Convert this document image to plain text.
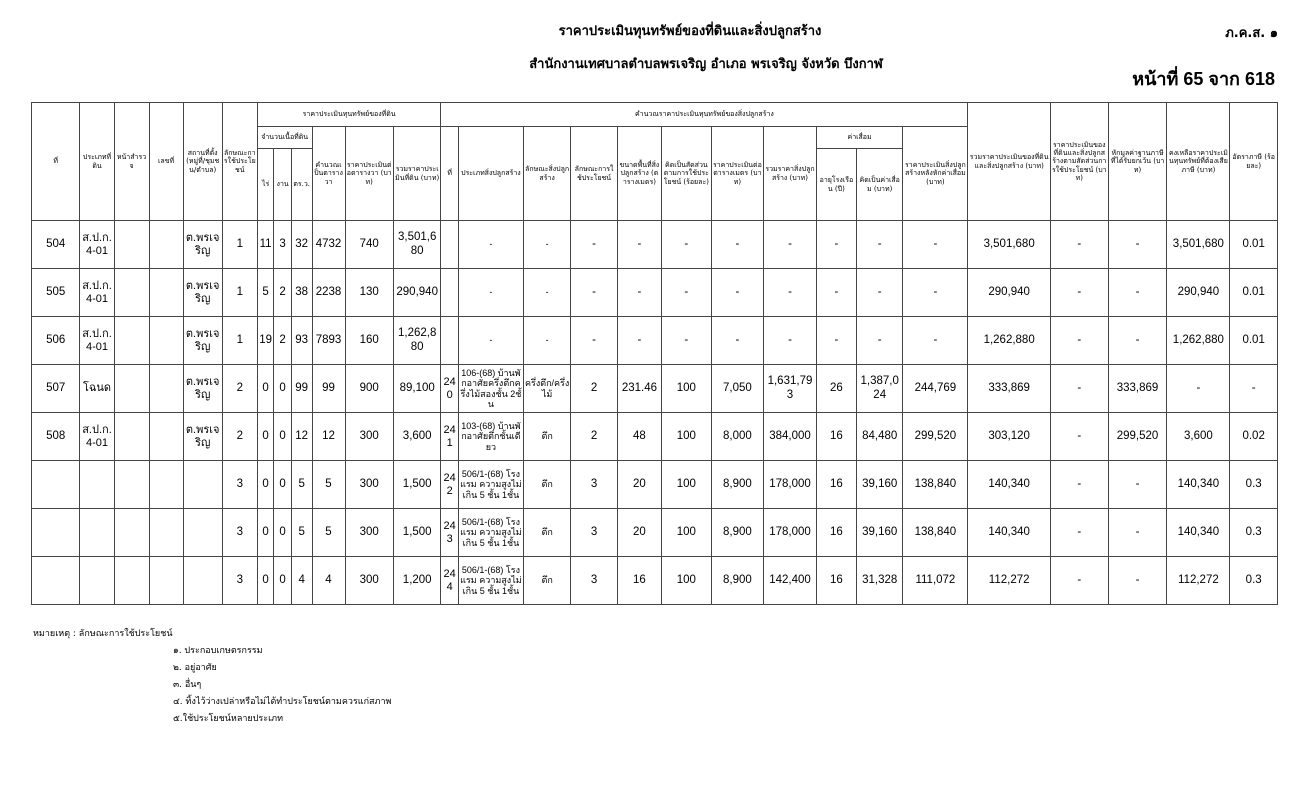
ราคาประเมินทุนทรัพย์ของที่ดินและสิ่งปลูกสร้าง
สำนักงานเทศบาลตำบลพรเจริญ อำเภอ พรเจริญ จังหวัด บึงกาฬ
ภ.ค.ส. ๑
หน้าที่ 65 จาก 618
ที่	ประเภทที่ดิน	หน้าสำรวจ	เลขที่	สถานที่ตั้ง(หมู่ที่/ชุมชน/ตำบล)	ลักษณะการใช้ประโยชน์	ราคาประเมินทุนทรัพย์ของที่ดิน						คำนวณราคาประเมินทุนทรัพย์ของสิ่งปลูกสร้าง											รวมราคาประเมินของที่ดินและสิ่งปลูกสร้าง (บาท)	ราคาประเมินของที่ดินและสิ่งปลูกสร้างตามสัดส่วนการใช้ประโยชน์ (บาท)	หักมูลค่าฐานภาษีที่ได้รับยกเว้น (บาท)	คงเหลือราคาประเมินทุนทรัพย์ที่ต้องเสียภาษี (บาท)	อัตราภาษี (ร้อยละ)
						จำนวนเนื้อที่ดิน			คำนวณเป็นตารางวา	ราคาประเมินต่อตารางวา (บาท)	รวมราคาประเมินที่ดิน (บาท)	ที่	ประเภทสิ่งปลูกสร้าง	ลักษณะสิ่งปลูกสร้าง	ลักษณะการใช้ประโยชน์	ขนาดพื้นที่สิ่งปลูกสร้าง (ตารางเมตร)	คิดเป็นสัดส่วนตามการใช้ประโยชน์ (ร้อยละ)	ราคาประเมินต่อตารางเมตร (บาท)	รวมราคาสิ่งปลูกสร้าง (บาท)	ค่าเสื่อม		ราคาประเมินสิ่งปลูกสร้างหลังหักค่าเสื่อม (บาท)					
						ไร่	งาน	ตร.ว.												อายุโรงเรือน (ปี)	คิดเป็นค่าเสื่อม (บาท)						
504	ส.ป.ก. 4-01			ต.พรเจริญ	1	11	3	32	4732	740	3,501,680		-	-	-	-	-	-	-	-	-	-	3,501,680	-	-	3,501,680	0.01
505	ส.ป.ก. 4-01			ต.พรเจริญ	1	5	2	38	2238	130	290,940		-	-	-	-	-	-	-	-	-	-	290,940	-	-	290,940	0.01
506	ส.ป.ก. 4-01			ต.พรเจริญ	1	19	2	93	7893	160	1,262,880		-	-	-	-	-	-	-	-	-	-	1,262,880	-	-	1,262,880	0.01
507	โฉนด			ต.พรเจริญ	2	0	0	99	99	900	89,100	240	106-(68) บ้านพักอาศัยครึ่งตึกครึ่งไม้สองชั้น 2ชั้น	ครึ่งตึก/ครึ่งไม้	2	231.46	100	7,050	1,631,793	26	1,387,024	244,769	333,869	-	333,869	-	-
508	ส.ป.ก. 4-01			ต.พรเจริญ	2	0	0	12	12	300	3,600	241	103-(68) บ้านพักอาศัยตึกชั้นเดียว	ตึก	2	48	100	8,000	384,000	16	84,480	299,520	303,120	-	299,520	3,600	0.02
					3	0	0	5	5	300	1,500	242	506/1-(68) โรงแรม ความสูงไม่เกิน 5 ชั้น 1ชั้น	ตึก	3	20	100	8,900	178,000	16	39,160	138,840	140,340	-	-	140,340	0.3
					3	0	0	5	5	300	1,500	243	506/1-(68) โรงแรม ความสูงไม่เกิน 5 ชั้น 1ชั้น	ตึก	3	20	100	8,900	178,000	16	39,160	138,840	140,340	-	-	140,340	0.3
					3	0	0	4	4	300	1,200	244	506/1-(68) โรงแรม ความสูงไม่เกิน 5 ชั้น 1ชั้น	ตึก	3	16	100	8,900	142,400	16	31,328	111,072	112,272	-	-	112,272	0.3
หมายเหตุ : ลักษณะการใช้ประโยชน์
๑. ประกอบเกษตรกรรม
๒. อยู่อาศัย
๓. อื่นๆ
๔. ทิ้งไว้ว่างเปล่าหรือไม่ได้ทำประโยชน์ตามควรแก่สภาพ
๕.ใช้ประโยชน์หลายประเภท
